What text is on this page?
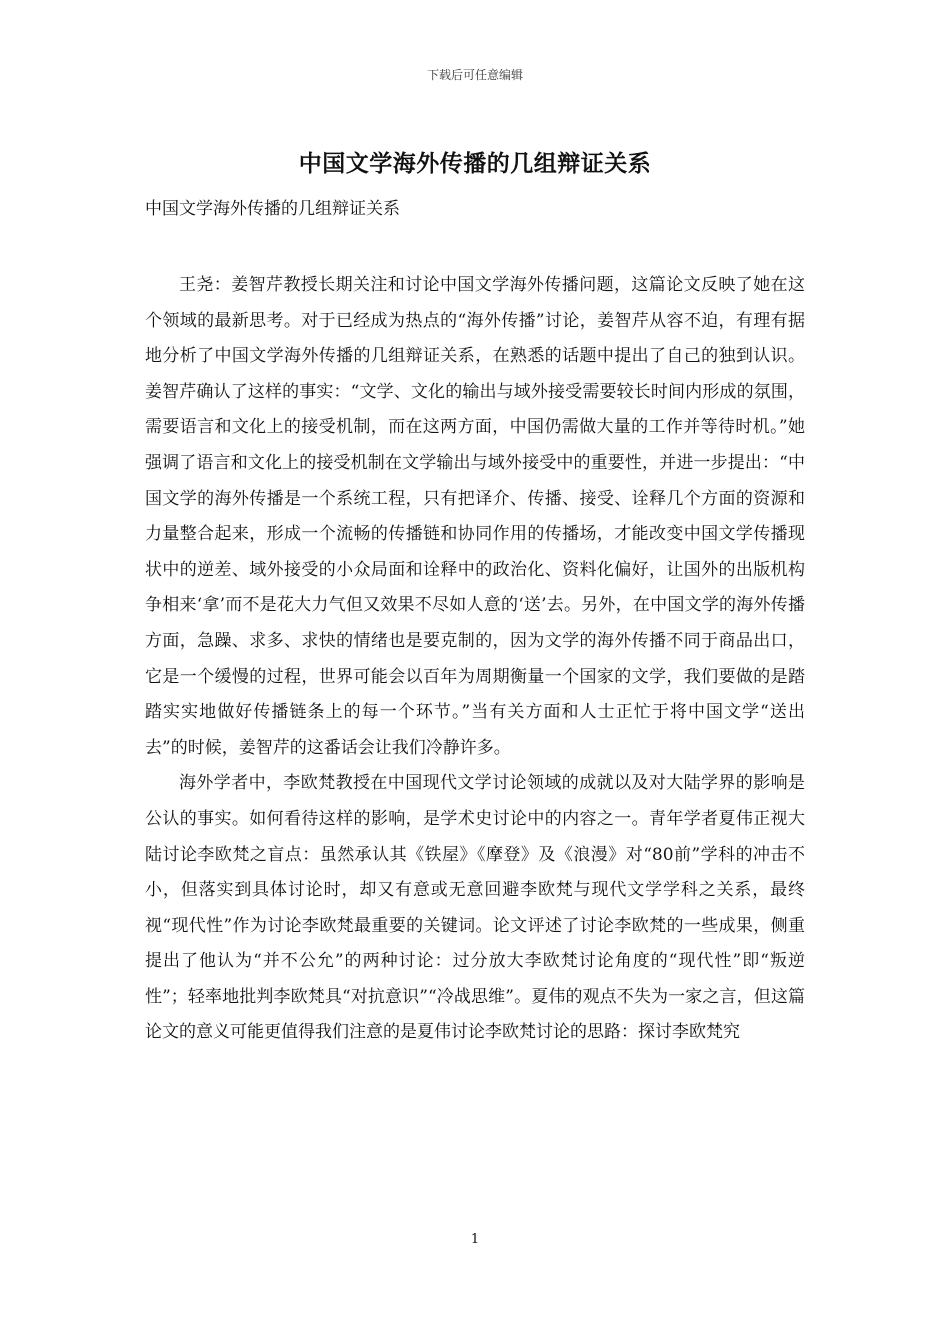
下载后可任意编辑
中国文学海外传播的几组辩证关系

中国文学海外传播的几组辩证关系

王尧：姜智芹教授长期关注和讨论中国文学海外传播问题，这篇论文反映了她在这个领域的最新思考。对于已经成为热点的“海外传播”讨论，姜智芹从容不迫，有理有据地分析了中国文学海外传播的几组辩证关系，在熟悉的话题中提出了自己的独到认识。姜智芹确认了这样的事实：“文学、文化的输出与域外接受需要较长时间内形成的氛围，需要语言和文化上的接受机制，而在这两方面，中国仍需做大量的工作并等待时机。”她强调了语言和文化上的接受机制在文学输出与域外接受中的重要性，并进一步提出：“中国文学的海外传播是一个系统工程，只有把译介、传播、接受、诠释几个方面的资源和力量整合起来，形成一个流畅的传播链和协同作用的传播场，才能改变中国文学传播现状中的逆差、域外接受的小众局面和诠释中的政治化、资料化偏好，让国外的出版机构争相来‘拿’而不是花大力气但又效果不尽如人意的‘送’去。另外，在中国文学的海外传播方面，急躁、求多、求快的情绪也是要克制的，因为文学的海外传播不同于商品出口，它是一个缓慢的过程，世界可能会以百年为周期衡量一个国家的文学，我们要做的是踏踏实实地做好传播链条上的每一个环节。”当有关方面和人士正忙于将中国文学“送出去”的时候，姜智芹的这番话会让我们冷静许多。

海外学者中，李欧梵教授在中国现代文学讨论领域的成就以及对大陆学界的影响是公认的事实。如何看待这样的影响，是学术史讨论中的内容之一。青年学者夏伟正视大陆讨论李欧梵之盲点：虽然承认其《铁屋》《摩登》及《浪漫》对“80前”学科的冲击不小，但落实到具体讨论时，却又有意或无意回避李欧梵与现代文学学科之关系，最终视“现代性”作为讨论李欧梵最重要的关键词。论文评述了讨论李欧梵的一些成果，侧重提出了他认为“并不公允”的两种讨论：过分放大李欧梵讨论角度的“现代性”即“叛逆性”；轻率地批判李欧梵具“对抗意识”“冷战思维”。夏伟的观点不失为一家之言，但这篇论文的意义可能更值得我们注意的是夏伟讨论李欧梵讨论的思路：探讨李欧梵究

1
